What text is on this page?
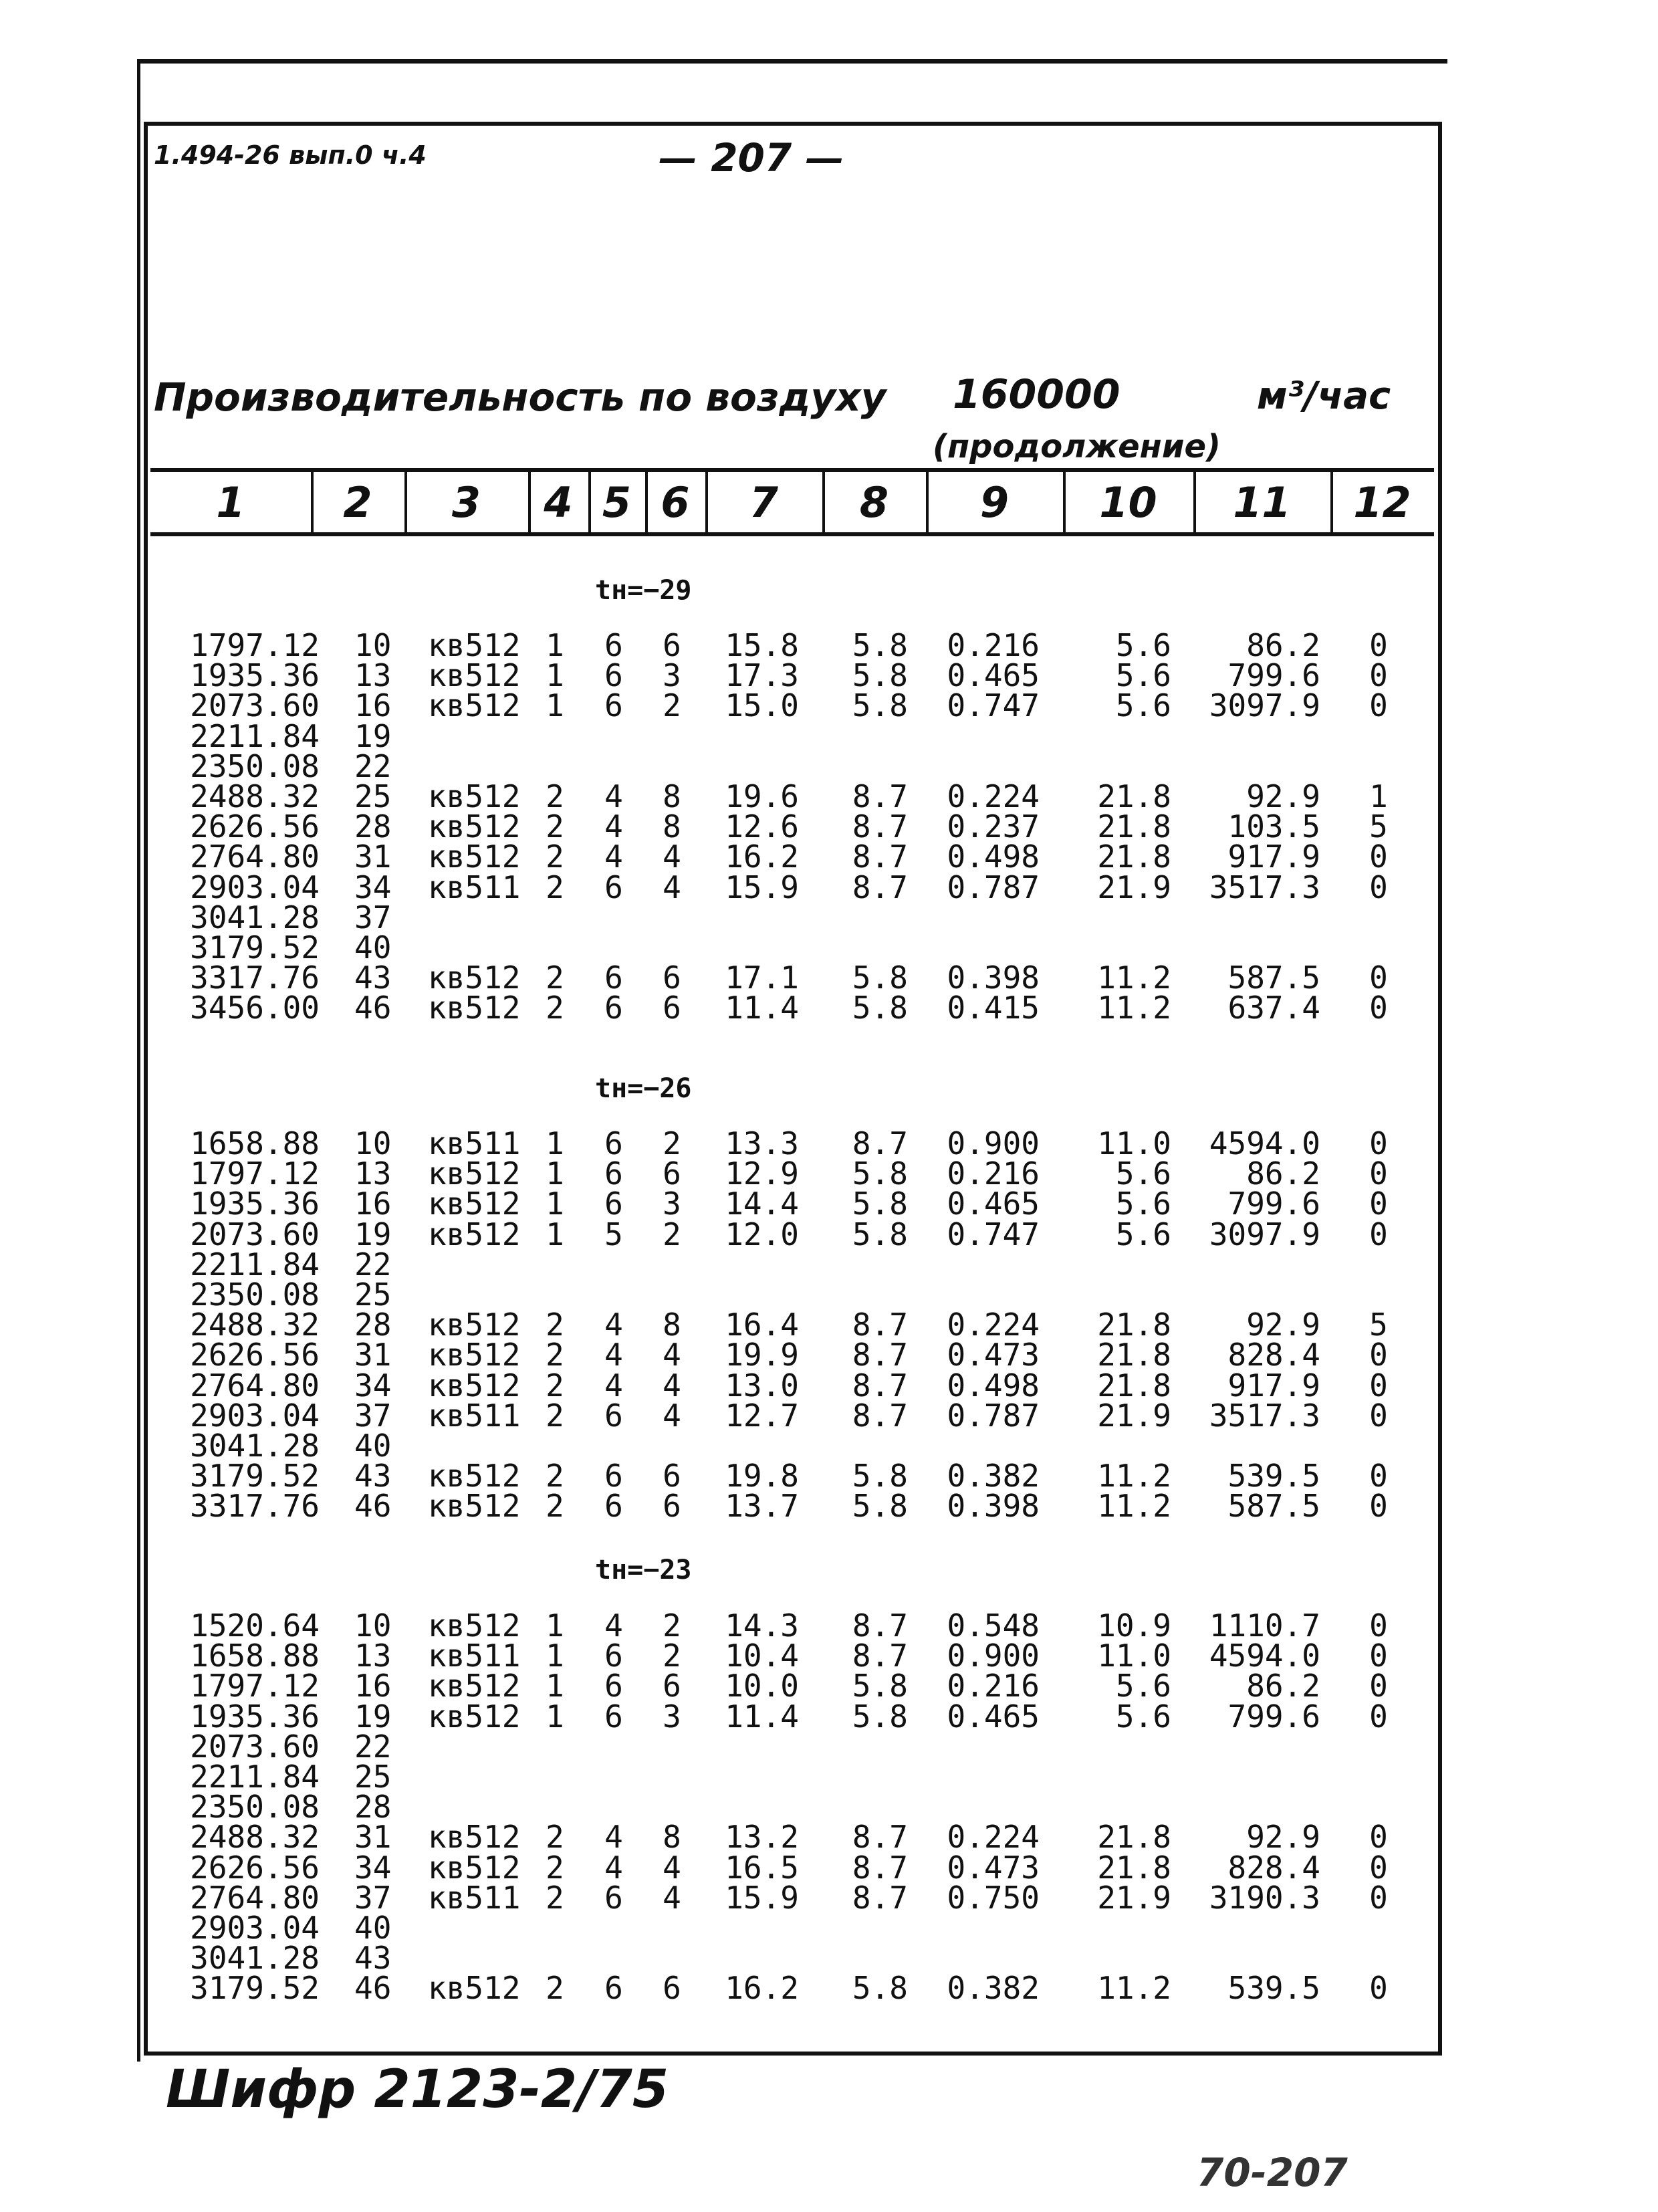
1.494-26 вып.0 ч.4	— 207 —
Производительность по воздуху 160000	м³/час
(продолжение)
Шифр 2123-2/75
70-207
1	2	3	4 5 6	7	8	9	10	11	12
tн=−29
1797.12 10 кв512 1 6 6 15.8 5.8 0.216 5.6 86.2 0
1935.36 13 кв512 1 6 3 17.3 5.8 0.465 5.6 799.6 0
2073.60 16 кв512 1 6 2 15.0 5.8 0.747 5.6 3097.9 0
2211.84 19
2350.08 22
2488.32 25 кв512 2 4 8 19.6 8.7 0.224 21.8 92.9 1
2626.56 28 кв512 2 4 8 12.6 8.7 0.237 21.8 103.5 5
2764.80 31 кв512 2 4 4 16.2 8.7 0.498 21.8 917.9 0
2903.04 34 кв511 2 6 4 15.9 8.7 0.787 21.9 3517.3 0
3041.28 37
3179.52 40
3317.76 43 кв512 2 6 6 17.1 5.8 0.398 11.2 587.5 0
3456.00 46 кв512 2 6 6 11.4 5.8 0.415 11.2 637.4 0
tн=−26
1658.88 10 кв511 1 6 2 13.3 8.7 0.900 11.0 4594.0 0
1797.12 13 кв512 1 6 6 12.9 5.8 0.216 5.6 86.2 0
1935.36 16 кв512 1 6 3 14.4 5.8 0.465 5.6 799.6 0
2073.60 19 кв512 1 5 2 12.0 5.8 0.747 5.6 3097.9 0
2211.84 22
2350.08 25
2488.32 28 кв512 2 4 8 16.4 8.7 0.224 21.8 92.9 5
2626.56 31 кв512 2 4 4 19.9 8.7 0.473 21.8 828.4 0
2764.80 34 кв512 2 4 4 13.0 8.7 0.498 21.8 917.9 0
2903.04 37 кв511 2 6 4 12.7 8.7 0.787 21.9 3517.3 0
3041.28 40
3179.52 43 кв512 2 6 6 19.8 5.8 0.382 11.2 539.5 0
3317.76 46 кв512 2 6 6 13.7 5.8 0.398 11.2 587.5 0
tн=−23
1520.64 10 кв512 1 4 2 14.3 8.7 0.548 10.9 1110.7 0
1658.88 13 кв511 1 6 2 10.4 8.7 0.900 11.0 4594.0 0
1797.12 16 кв512 1 6 6 10.0 5.8 0.216 5.6 86.2 0
1935.36 19 кв512 1 6 3 11.4 5.8 0.465 5.6 799.6 0
2073.60 22
2211.84 25
2350.08 28
2488.32 31 кв512 2 4 8 13.2 8.7 0.224 21.8 92.9 0
2626.56 34 кв512 2 4 4 16.5 8.7 0.473 21.8 828.4 0
2764.80 37 кв511 2 6 4 15.9 8.7 0.750 21.9 3190.3 0
2903.04 40
3041.28 43
3179.52 46 кв512 2 6 6 16.2 5.8 0.382 11.2 539.5 0
